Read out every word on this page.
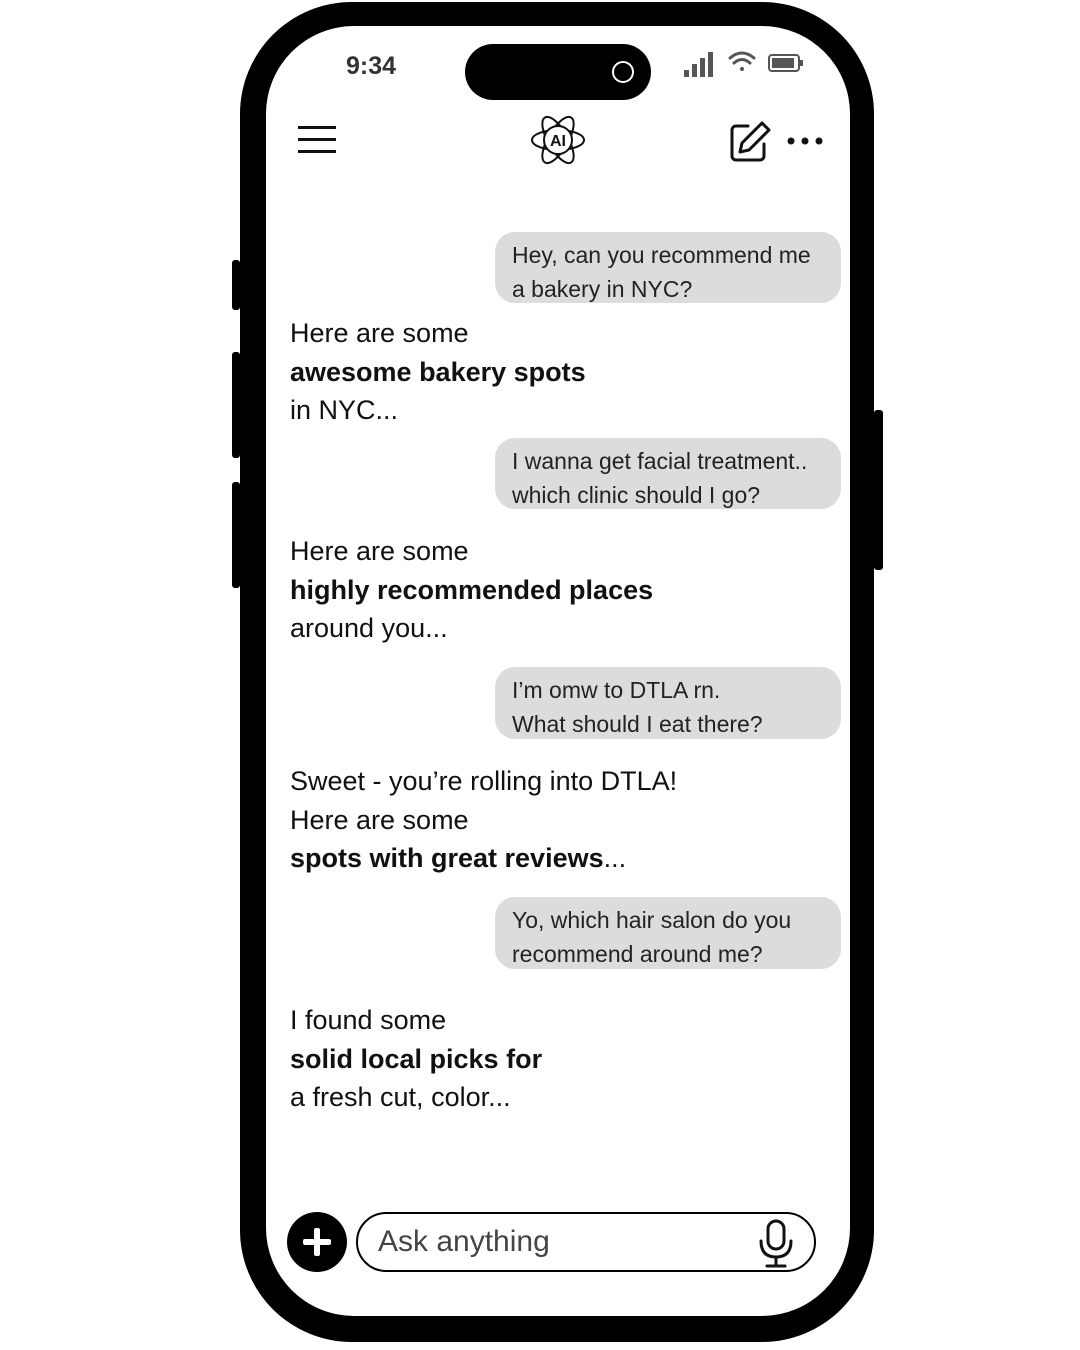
9:34
AI
Hey, can you recommend me
a bakery in NYC?
Here are some
awesome bakery spots
in NYC...
I wanna get facial treatment..
which clinic should I go?
Here are some
highly recommended places
around you...
I’m omw to DTLA rn.
What should I eat there?
Sweet - you’re rolling into DTLA!
Here are some
spots with great reviews...
Yo, which hair salon do you
recommend around me?
I found some
solid local picks for
a fresh cut, color...
Ask anything
